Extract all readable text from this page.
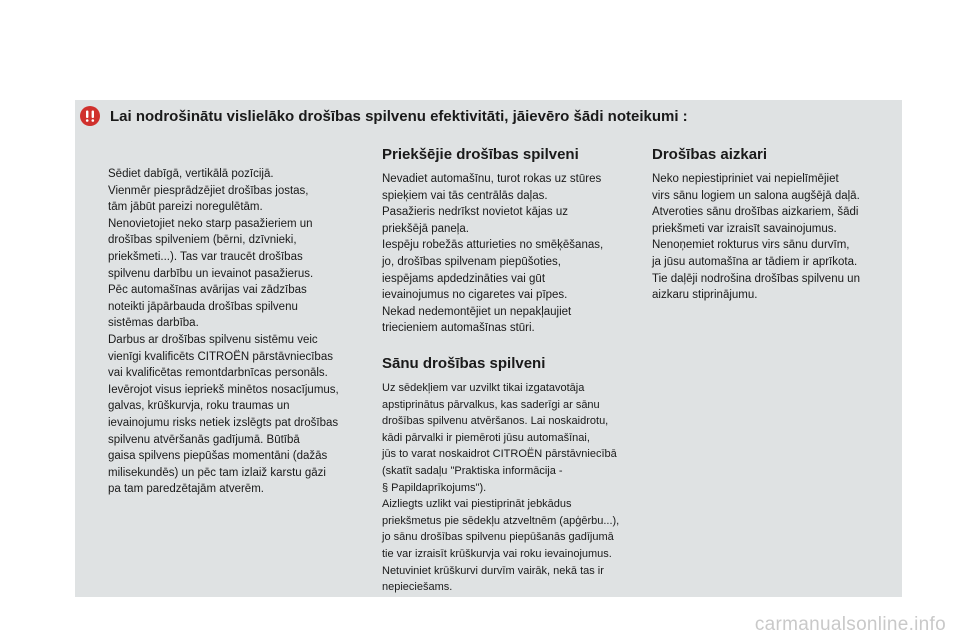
Lai nodrošinātu vislielāko drošības spilvenu efektivitāti, jāievēro šādi noteikumi :

Sēdiet dabīgā, vertikālā pozīcijā.
Vienmēr piesprādzējiet drošības jostas,
tām jābūt pareizi noregulētām.
Nenovietojiet neko starp pasažieriem un
drošības spilveniem (bērni, dzīvnieki,
priekšmeti...). Tas var traucēt drošības
spilvenu darbību un ievainot pasažierus.
Pēc automašīnas avārijas vai zādzības
noteikti jāpārbauda drošības spilvenu
sistēmas darbība.
Darbus ar drošības spilvenu sistēmu veic
vienīgi kvalificēts CITROËN pārstāvniecības
vai kvalificētas remontdarbnīcas personāls.
Ievērojot visus iepriekš minētos nosacījumus,
galvas, krūškurvja, roku traumas un
ievainojumu risks netiek izslēgts pat drošības
spilvenu atvēršanās gadījumā. Būtībā
gaisa spilvens piepūšas momentāni (dažās
milisekundēs) un pēc tam izlaiž karstu gāzi
pa tam paredzētajām atverēm.

Priekšējie drošības spilveni

Nevadiet automašīnu, turot rokas uz stūres
spieķiem vai tās centrālās daļas.
Pasažieris nedrīkst novietot kājas uz
priekšējā paneļa.
Iespēju robežās atturieties no smēķēšanas,
jo, drošības spilvenam piepūšoties,
iespējams apdedzināties vai gūt
ievainojumus no cigaretes vai pīpes.
Nekad nedemontējiet un nepakļaujiet
triecieniem automašīnas stūri.

Sānu drošības spilveni

Uz sēdekļiem var uzvilkt tikai izgatavotāja
apstiprinātus pārvalkus, kas saderīgi ar sānu
drošības spilvenu atvēršanos. Lai noskaidrotu,
kādi pārvalki ir piemēroti jūsu automašīnai,
jūs to varat noskaidrot CITROËN pārstāvniecībā
(skatīt sadaļu "Praktiska informācija -
§ Papildaprīkojums").
Aizliegts uzlikt vai piestiprināt jebkādus
priekšmetus pie sēdekļu atzveltnēm (apģērbu...),
jo sānu drošības spilvenu piepūšanās gadījumā
tie var izraisīt krūškurvja vai roku ievainojumus.
Netuviniet krūškurvi durvīm vairāk, nekā tas ir
nepieciešams.

Drošības aizkari

Neko nepiestipriniet vai nepielīmējiet
virs sānu logiem un salona augšējā daļā.
Atveroties sānu drošības aizkariem, šādi
priekšmeti var izraisīt savainojumus.
Nenoņemiet rokturus virs sānu durvīm,
ja jūsu automašīna ar tādiem ir aprīkota.
Tie daļēji nodrošina drošības spilvenu un
aizkaru stiprinājumu.

carmanualsonline.info
